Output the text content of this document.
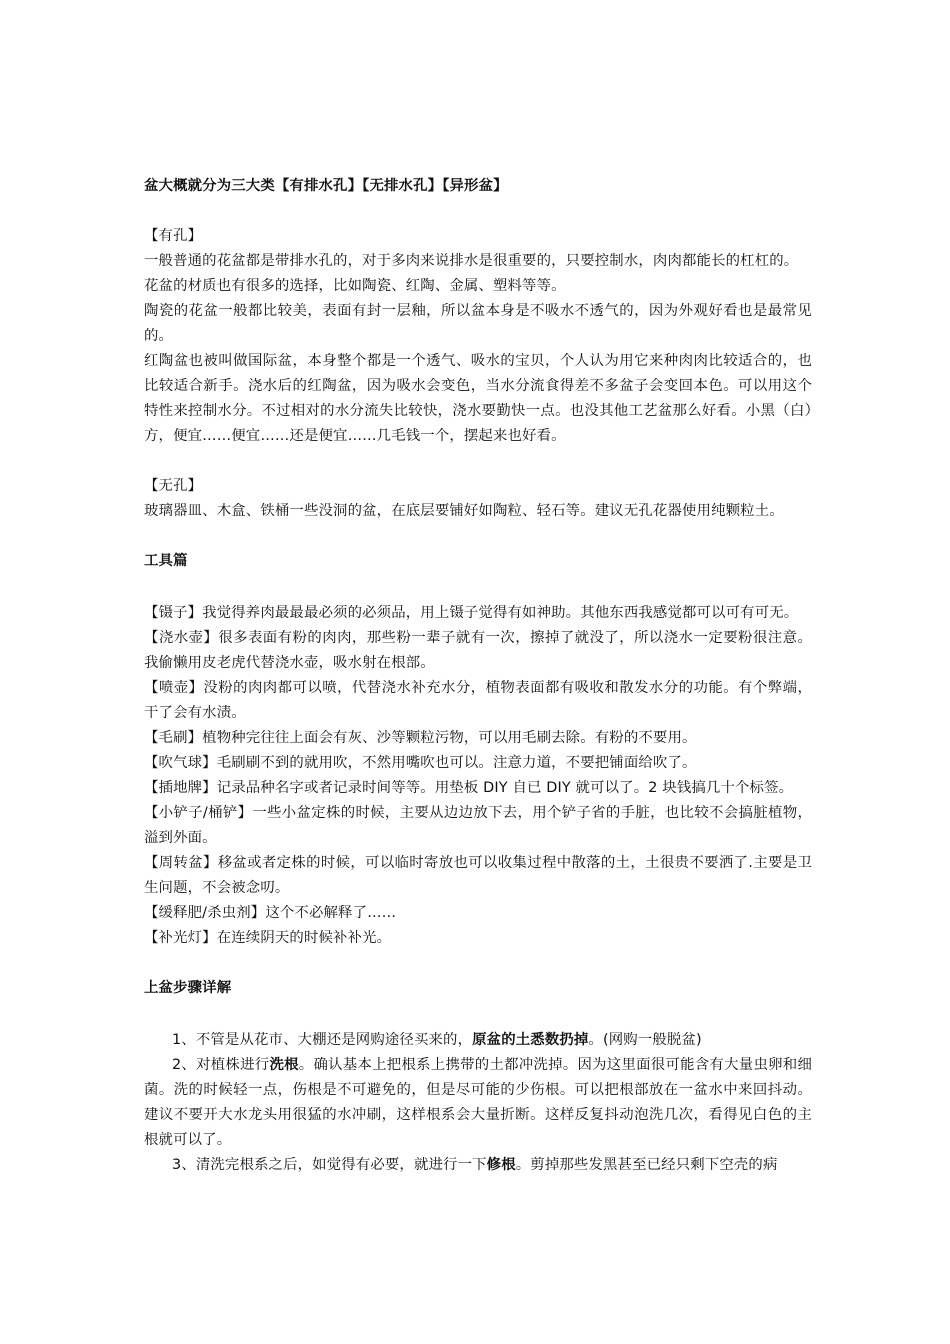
盆大概就分为三大类【有排水孔】【无排水孔】【异形盆】

【有孔】

一般普通的花盆都是带排水孔的，对于多肉来说排水是很重要的，只要控制水，肉肉都能长的杠杠的。

花盆的材质也有很多的选择，比如陶瓷、红陶、金属、塑料等等。

陶瓷的花盆一般都比较美，表面有封一层釉，所以盆本身是不吸水不透气的，因为外观好看也是最常见的。

红陶盆也被叫做国际盆，本身整个都是一个透气、吸水的宝贝，个人认为用它来种肉肉比较适合的，也比较适合新手。浇水后的红陶盆，因为吸水会变色，当水分流食得差不多盆子会变回本色。可以用这个特性来控制水分。不过相对的水分流失比较快，浇水要勤快一点。也没其他工艺盆那么好看。小黑（白）方，便宜……便宜……还是便宜……几毛钱一个，摆起来也好看。

【无孔】

玻璃器皿、木盒、铁桶一些没洞的盆，在底层要铺好如陶粒、轻石等。建议无孔花器使用纯颗粒土。

工具篇

【镊子】我觉得养肉最最最必须的必须品，用上镊子觉得有如神助。其他东西我感觉都可以可有可无。

【浇水壶】很多表面有粉的肉肉，那些粉一辈子就有一次，擦掉了就没了，所以浇水一定要粉很注意。我偷懒用皮老虎代替浇水壶，吸水射在根部。

【喷壶】没粉的肉肉都可以喷，代替浇水补充水分，植物表面都有吸收和散发水分的功能。有个弊端，干了会有水渍。

【毛刷】植物种完往往上面会有灰、沙等颗粒污物，可以用毛刷去除。有粉的不要用。

【吹气球】毛刷刷不到的就用吹，不然用嘴吹也可以。注意力道，不要把铺面给吹了。

【插地牌】记录品种名字或者记录时间等等。用垫板 DIY 自已 DIY 就可以了。2 块钱搞几十个标签。

【小铲子/桶铲】一些小盆定株的时候，主要从边边放下去，用个铲子省的手脏，也比较不会搞脏植物，溢到外面。

【周转盆】移盆或者定株的时候，可以临时寄放也可以收集过程中散落的土，土很贵不要洒了.主要是卫生问题，不会被念叨。

【缓释肥/杀虫剂】这个不必解释了……

【补光灯】在连续阴天的时候补补光。

上盆步骤详解

1、不管是从花市、大棚还是网购途径买来的，原盆的土悉数扔掉。(网购一般脱盆)

2、对植株进行洗根。确认基本上把根系上携带的土都冲洗掉。因为这里面很可能含有大量虫卵和细菌。洗的时候轻一点，伤根是不可避免的，但是尽可能的少伤根。可以把根部放在一盆水中来回抖动。建议不要开大水龙头用很猛的水冲刷，这样根系会大量折断。这样反复抖动泡洗几次，看得见白色的主根就可以了。

3、清洗完根系之后，如觉得有必要，就进行一下修根。剪掉那些发黑甚至已经只剩下空壳的病
